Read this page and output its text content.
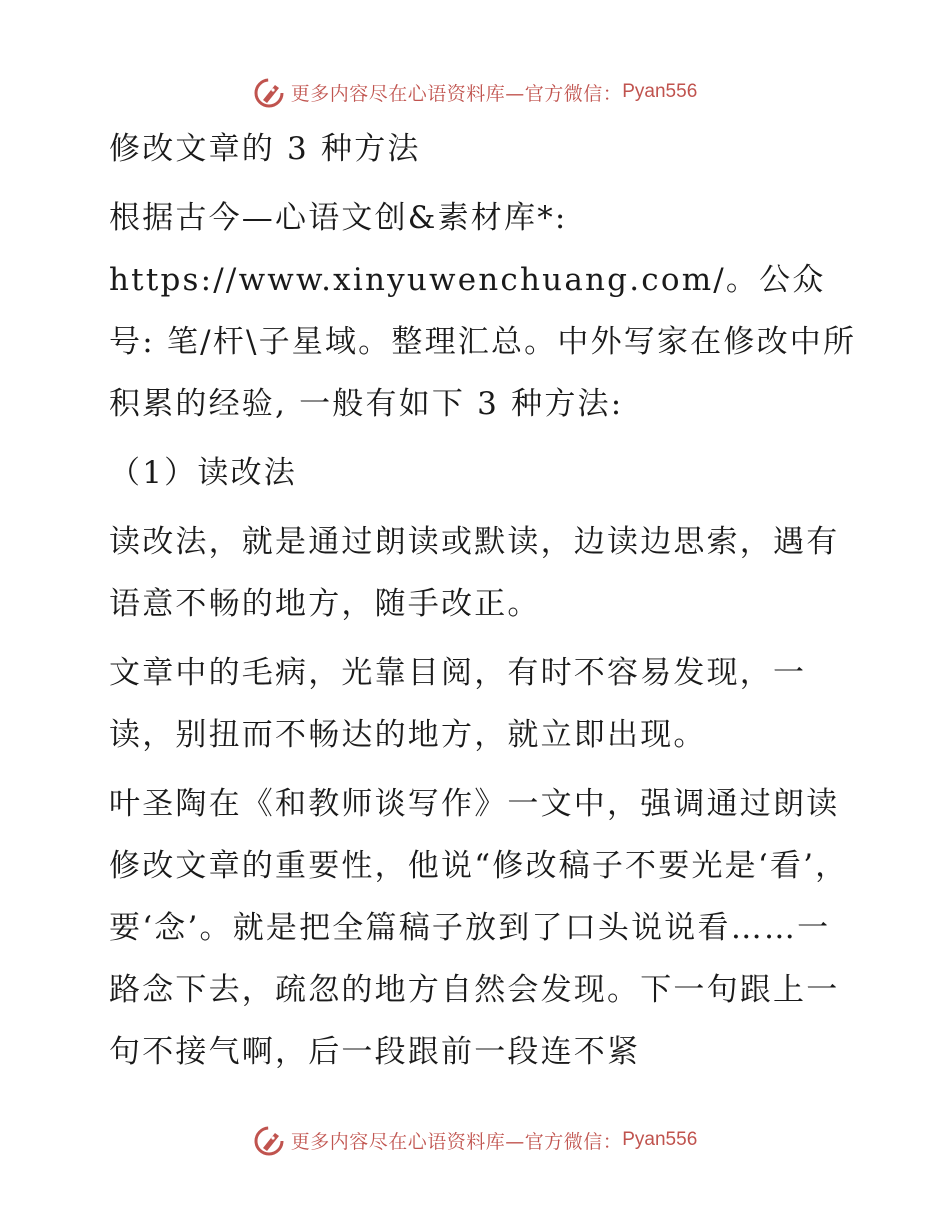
更多内容尽在心语资料库—官方微信： Pyan556
修改文章的 3 种方法
根据古今—心语文创&素材库*: https://www.xinyuwenchuang.com/。公众号: 笔/杆\子星域。整理汇总。中外写家在修改中所积累的经验, 一般有如下 3 种方法:
（1）读改法
读改法，就是通过朗读或默读，边读边思索，遇有语意不畅的地方，随手改正。
文章中的毛病，光靠目阅，有时不容易发现，一读，别扭而不畅达的地方，就立即出现。
叶圣陶在《和教师谈写作》一文中，强调通过朗读修改文章的重要性，他说“修改稿子不要光是‘看’，要‘念’。就是把全篇稿子放到了口头说说看……一路念下去，疏忽的地方自然会发现。下一句跟上一句不接气啊，后一段跟前一段连不紧
更多内容尽在心语资料库—官方微信： Pyan556
